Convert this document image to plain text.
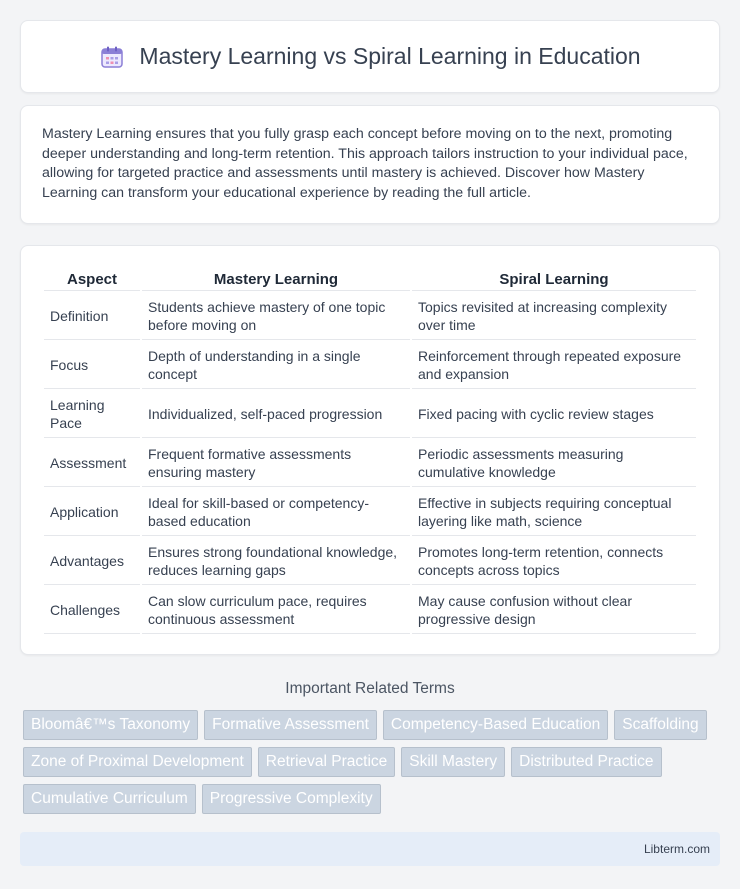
Mastery Learning vs Spiral Learning in Education

Mastery Learning ensures that you fully grasp each concept before moving on to the next, promoting deeper understanding and long-term retention. This approach tailors instruction to your individual pace, allowing for targeted practice and assessments until mastery is achieved. Discover how Mastery Learning can transform your educational experience by reading the full article.

Aspect	Mastery Learning	Spiral Learning
Definition	Students achieve mastery of one topic before moving on	Topics revisited at increasing complexity over time
Focus	Depth of understanding in a single concept	Reinforcement through repeated exposure and expansion
Learning Pace	Individualized, self-paced progression	Fixed pacing with cyclic review stages
Assessment	Frequent formative assessments ensuring mastery	Periodic assessments measuring cumulative knowledge
Application	Ideal for skill-based or competency-based education	Effective in subjects requiring conceptual layering like math, science
Advantages	Ensures strong foundational knowledge, reduces learning gaps	Promotes long-term retention, connects concepts across topics
Challenges	Can slow curriculum pace, requires continuous assessment	May cause confusion without clear progressive design
Important Related Terms
Bloomâ€™s Taxonomy	Formative Assessment	Competency-Based Education	Scaffolding
Zone of Proximal Development	Retrieval Practice	Skill Mastery	Distributed Practice
Cumulative Curriculum	Progressive Complexity
Libterm.com
